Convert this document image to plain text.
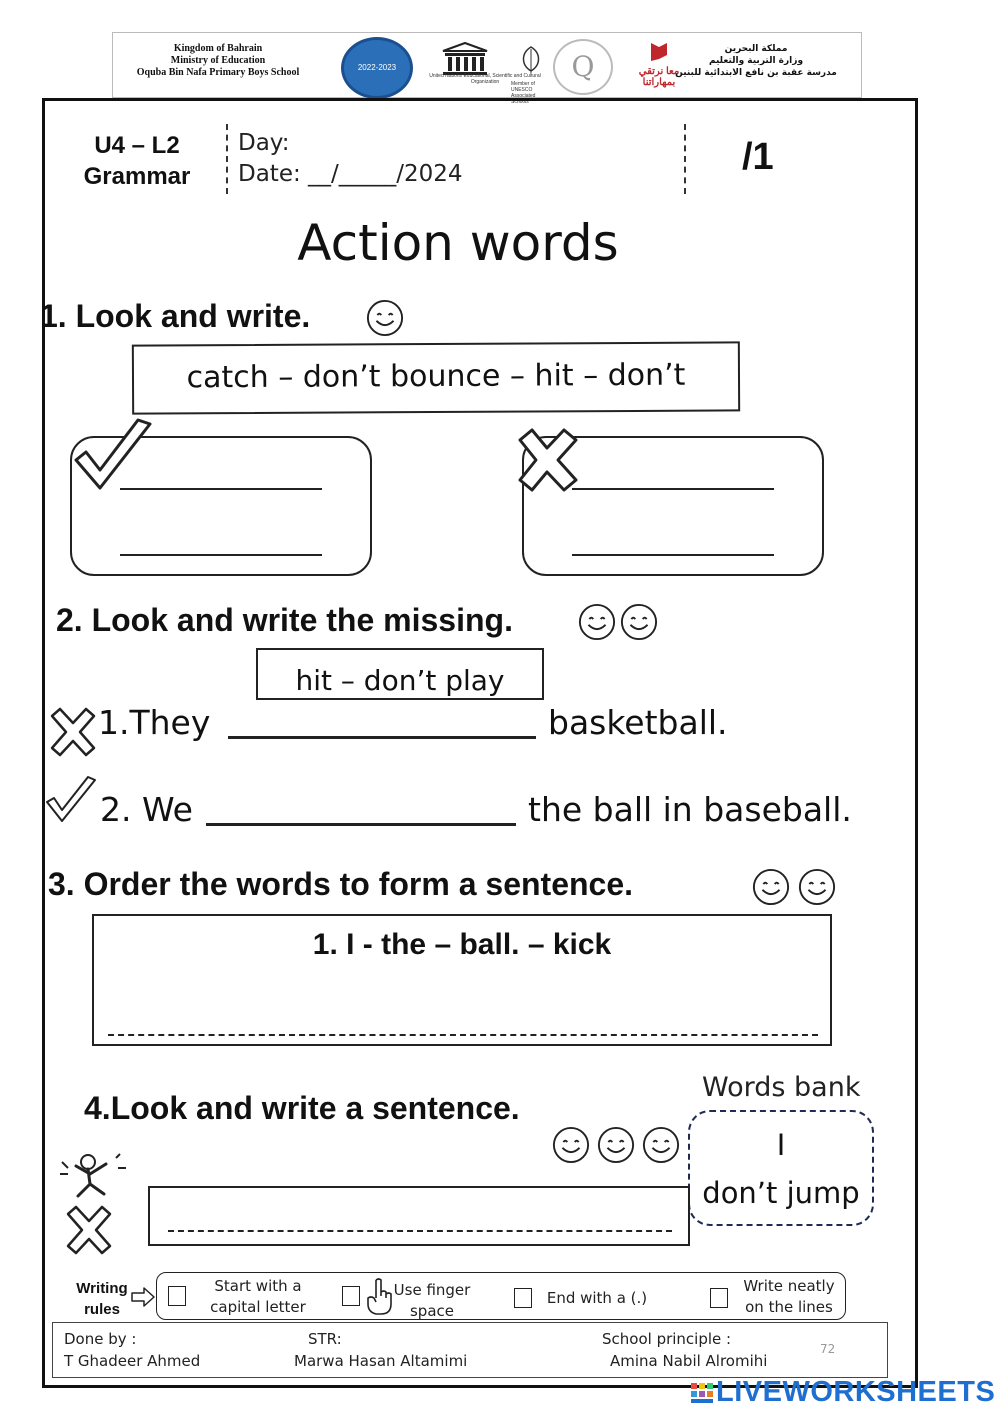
Kingdom of Bahrain
Ministry of Education
Oquba Bin Nafa Primary Boys School	2022-2023
United Nations Educational, Scientific and Cultural Organization	Member of UNESCO Associated Schools
Q	معا نرتقي بمهاراتنا
مملكة البحرين
وزارة التربية والتعليم
مدرسة عقبة بن نافع الابتدائية للبنين
U4 – L2
Grammar
Day:
Date: __/_____/2024	/1
Action words
1. Look and write.
catch – don’t bounce – hit – don’t
2. Look and write the missing.
hit – don’t play
1.They	basketball.
2. We	the ball in baseball.
3. Order the words to form a sentence.
1. I - the – ball. – kick
4.Look and write a sentence.
Words bank
I
don’t jump
Writing
rules
Start with a
capital letter
Use finger
space
End with a (.)
Write neatly
on the lines
Done by :
T Ghadeer Ahmed
STR:
Marwa Hasan Altamimi
School principle :
Amina Nabil Alromihi
72
LIVEWORKSHEETS
